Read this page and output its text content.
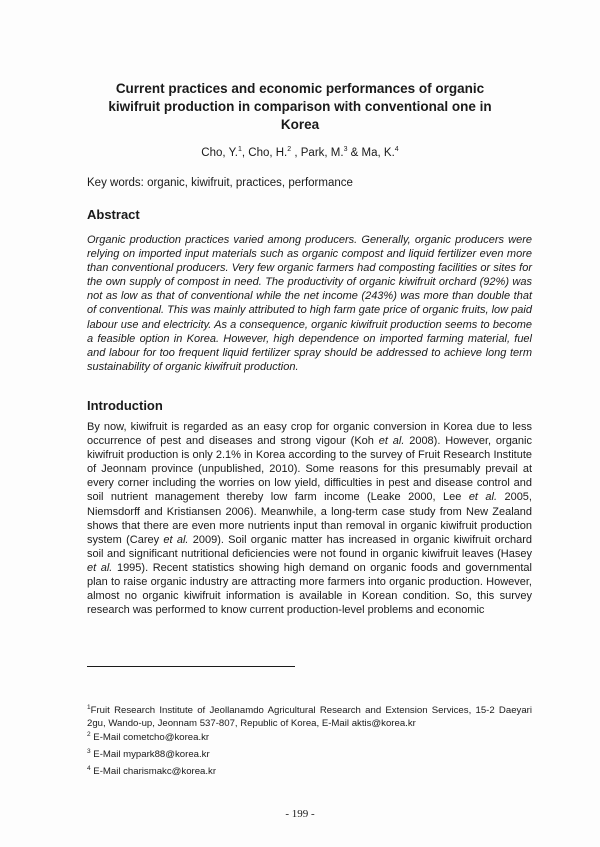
Current practices and economic performances of organic kiwifruit production in comparison with conventional one in Korea
Cho, Y.$^1$, Cho, H.$^2$ , Park, M.$^3$ & Ma, K.$^4$
Key words: organic, kiwifruit, practices, performance
Abstract

Organic production practices varied among producers. Generally, organic producers were relying on imported input materials such as organic compost and liquid fertilizer even more than conventional producers. Very few organic farmers had composting facilities or sites for the own supply of compost in need. The productivity of organic kiwifruit orchard (92%) was not as low as that of conventional while the net income (243%) was more than double that of conventional. This was mainly attributed to high farm gate price of organic fruits, low paid labour use and electricity. As a consequence, organic kiwifruit production seems to become a feasible option in Korea. However, high dependence on imported farming material, fuel and labour for too frequent liquid fertilizer spray should be addressed to achieve long term sustainability of organic kiwifruit production.

Introduction

By now, kiwifruit is regarded as an easy crop for organic conversion in Korea due to less occurrence of pest and diseases and strong vigour (Koh et al. 2008). However, organic kiwifruit production is only 2.1% in Korea according to the survey of Fruit Research Institute of Jeonnam province (unpublished, 2010). Some reasons for this presumably prevail at every corner including the worries on low yield, difficulties in pest and disease control and soil nutrient management thereby low farm income (Leake 2000, Lee et al. 2005, Niemsdorff and Kristiansen 2006). Meanwhile, a long-term case study from New Zealand shows that there are even more nutrients input than removal in organic kiwifruit production system (Carey et al. 2009). Soil organic matter has increased in organic kiwifruit orchard soil and significant nutritional deficiencies were not found in organic kiwifruit leaves (Hasey et al. 1995). Recent statistics showing high demand on organic foods and governmental plan to raise organic industry are attracting more farmers into organic production. However, almost no organic kiwifruit information is available in Korean condition. So, this survey research was performed to know current production-level problems and economic

$^1$Fruit Research Institute of Jeollanamdo Agricultural Research and Extension Services, 15-2 Daeyari 2gu, Wando-up, Jeonnam 537-807, Republic of Korea, E-Mail aktis@korea.kr
$^2$ E-Mail cometcho@korea.kr
$^3$ E-Mail mypark88@korea.kr
$^4$ E-Mail charismakc@korea.kr
- 199 -
